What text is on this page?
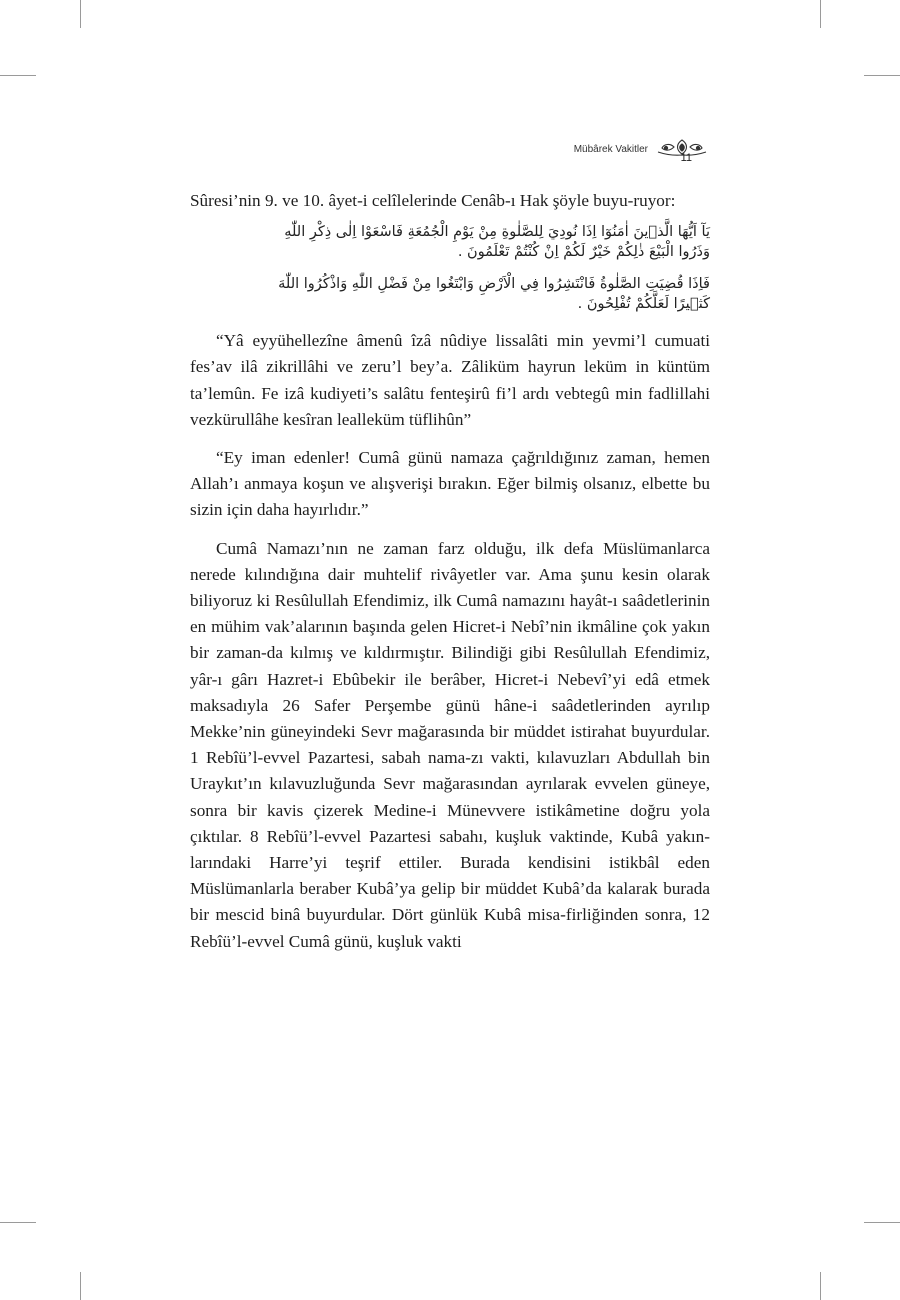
Mübârek Vakitler
11

Sûresi’nin 9. ve 10. âyet-i celîlelerinde Cenâb-ı Hak şöyle buyu-ruyor:

يَآ اَيُّهَا الَّذٖينَ اٰمَنُوٓا اِذَا نُودِيَ لِلصَّلٰوةِ مِنْ يَوْمِ الْجُمُعَةِ فَاسْعَوْا اِلٰى ذِكْرِ اللّٰهِ
وَذَرُوا الْبَيْعَ ذٰلِكُمْ خَيْرٌ لَكُمْ اِنْ كُنْتُمْ تَعْلَمُونَ .
فَاِذَا قُضِيَتِ الصَّلٰوةُ فَانْتَشِرُوا فِي الْاَرْضِ وَابْتَغُوا مِنْ فَضْلِ اللّٰهِ وَاذْكُرُوا اللّٰهَ
كَثٖيرًا لَعَلَّكُمْ تُفْلِحُونَ .

“Yâ eyyühellezîne âmenû îzâ nûdiye lissalâti min yevmi’l cumuati fes’av ilâ zikrillâhi ve zeru’l bey’a. Zâliküm hayrun leküm in küntüm ta’lemûn. Fe izâ kudiyeti’s salâtu fenteşirû fi’l ardı vebtegû min fadlillahi vezkürullâhe kesîran lealleküm tüflihûn”

“Ey iman edenler! Cumâ günü namaza çağrıldığınız zaman, hemen Allah’ı anmaya koşun ve alışverişi bırakın. Eğer bilmiş olsanız, elbette bu sizin için daha hayırlıdır.”

Cumâ Namazı’nın ne zaman farz olduğu, ilk defa Müslümanlarca nerede kılındığına dair muhtelif rivâyetler var. Ama şunu kesin olarak biliyoruz ki Resûlullah Efendimiz, ilk Cumâ namazını hayât-ı saâdetlerinin en mühim vak’alarının başında gelen Hicret-i Nebî’nin ikmâline çok yakın bir zaman-da kılmış ve kıldırmıştır. Bilindiği gibi Resûlullah Efendimiz, yâr-ı gârı Hazret-i Ebûbekir ile berâber, Hicret-i Nebevî’yi edâ etmek maksadıyla 26 Safer Perşembe günü hâne-i saâdetlerinden ayrılıp Mekke’nin güneyindeki Sevr mağarasında bir müddet istirahat buyurdular. 1 Rebîü’l-evvel Pazartesi, sabah nama-zı vakti, kılavuzları Abdullah bin Uraykıt’ın kılavuzluğunda Sevr mağarasından ayrılarak evvelen güneye, sonra bir kavis çizerek Medine-i Münevvere istikâmetine doğru yola çıktılar. 8 Rebîü’l-evvel Pazartesi sabahı, kuşluk vaktinde, Kubâ yakın-larındaki Harre’yi teşrif ettiler. Burada kendisini istikbâl eden Müslümanlarla beraber Kubâ’ya gelip bir müddet Kubâ’da kalarak burada bir mescid binâ buyurdular. Dört günlük Kubâ misa-firliğinden sonra, 12 Rebîü’l-evvel Cumâ günü, kuşluk vakti
